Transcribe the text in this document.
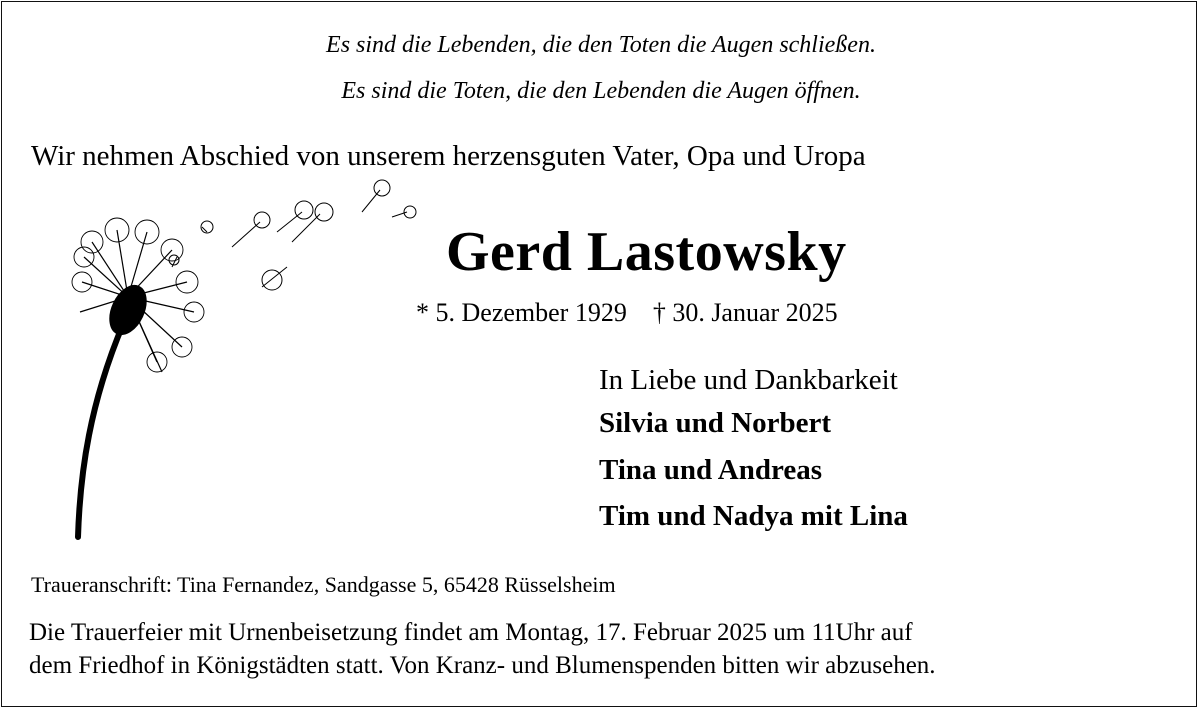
Es sind die Lebenden, die den Toten die Augen schließen.
Es sind die Toten, die den Lebenden die Augen öffnen.
Wir nehmen Abschied von unserem herzensguten Vater, Opa und Uropa
Gerd Lastowsky
* 5. Dezember 1929    † 30. Januar 2025
In Liebe und Dankbarkeit
Silvia und Norbert
Tina und Andreas
Tim und Nadya mit Lina
Traueranschrift: Tina Fernandez, Sandgasse 5, 65428 Rüsselsheim
Die Trauerfeier mit Urnenbeisetzung findet am Montag, 17. Februar 2025 um 11Uhr auf
dem Friedhof in Königstädten statt. Von Kranz- und Blumenspenden bitten wir abzusehen.
